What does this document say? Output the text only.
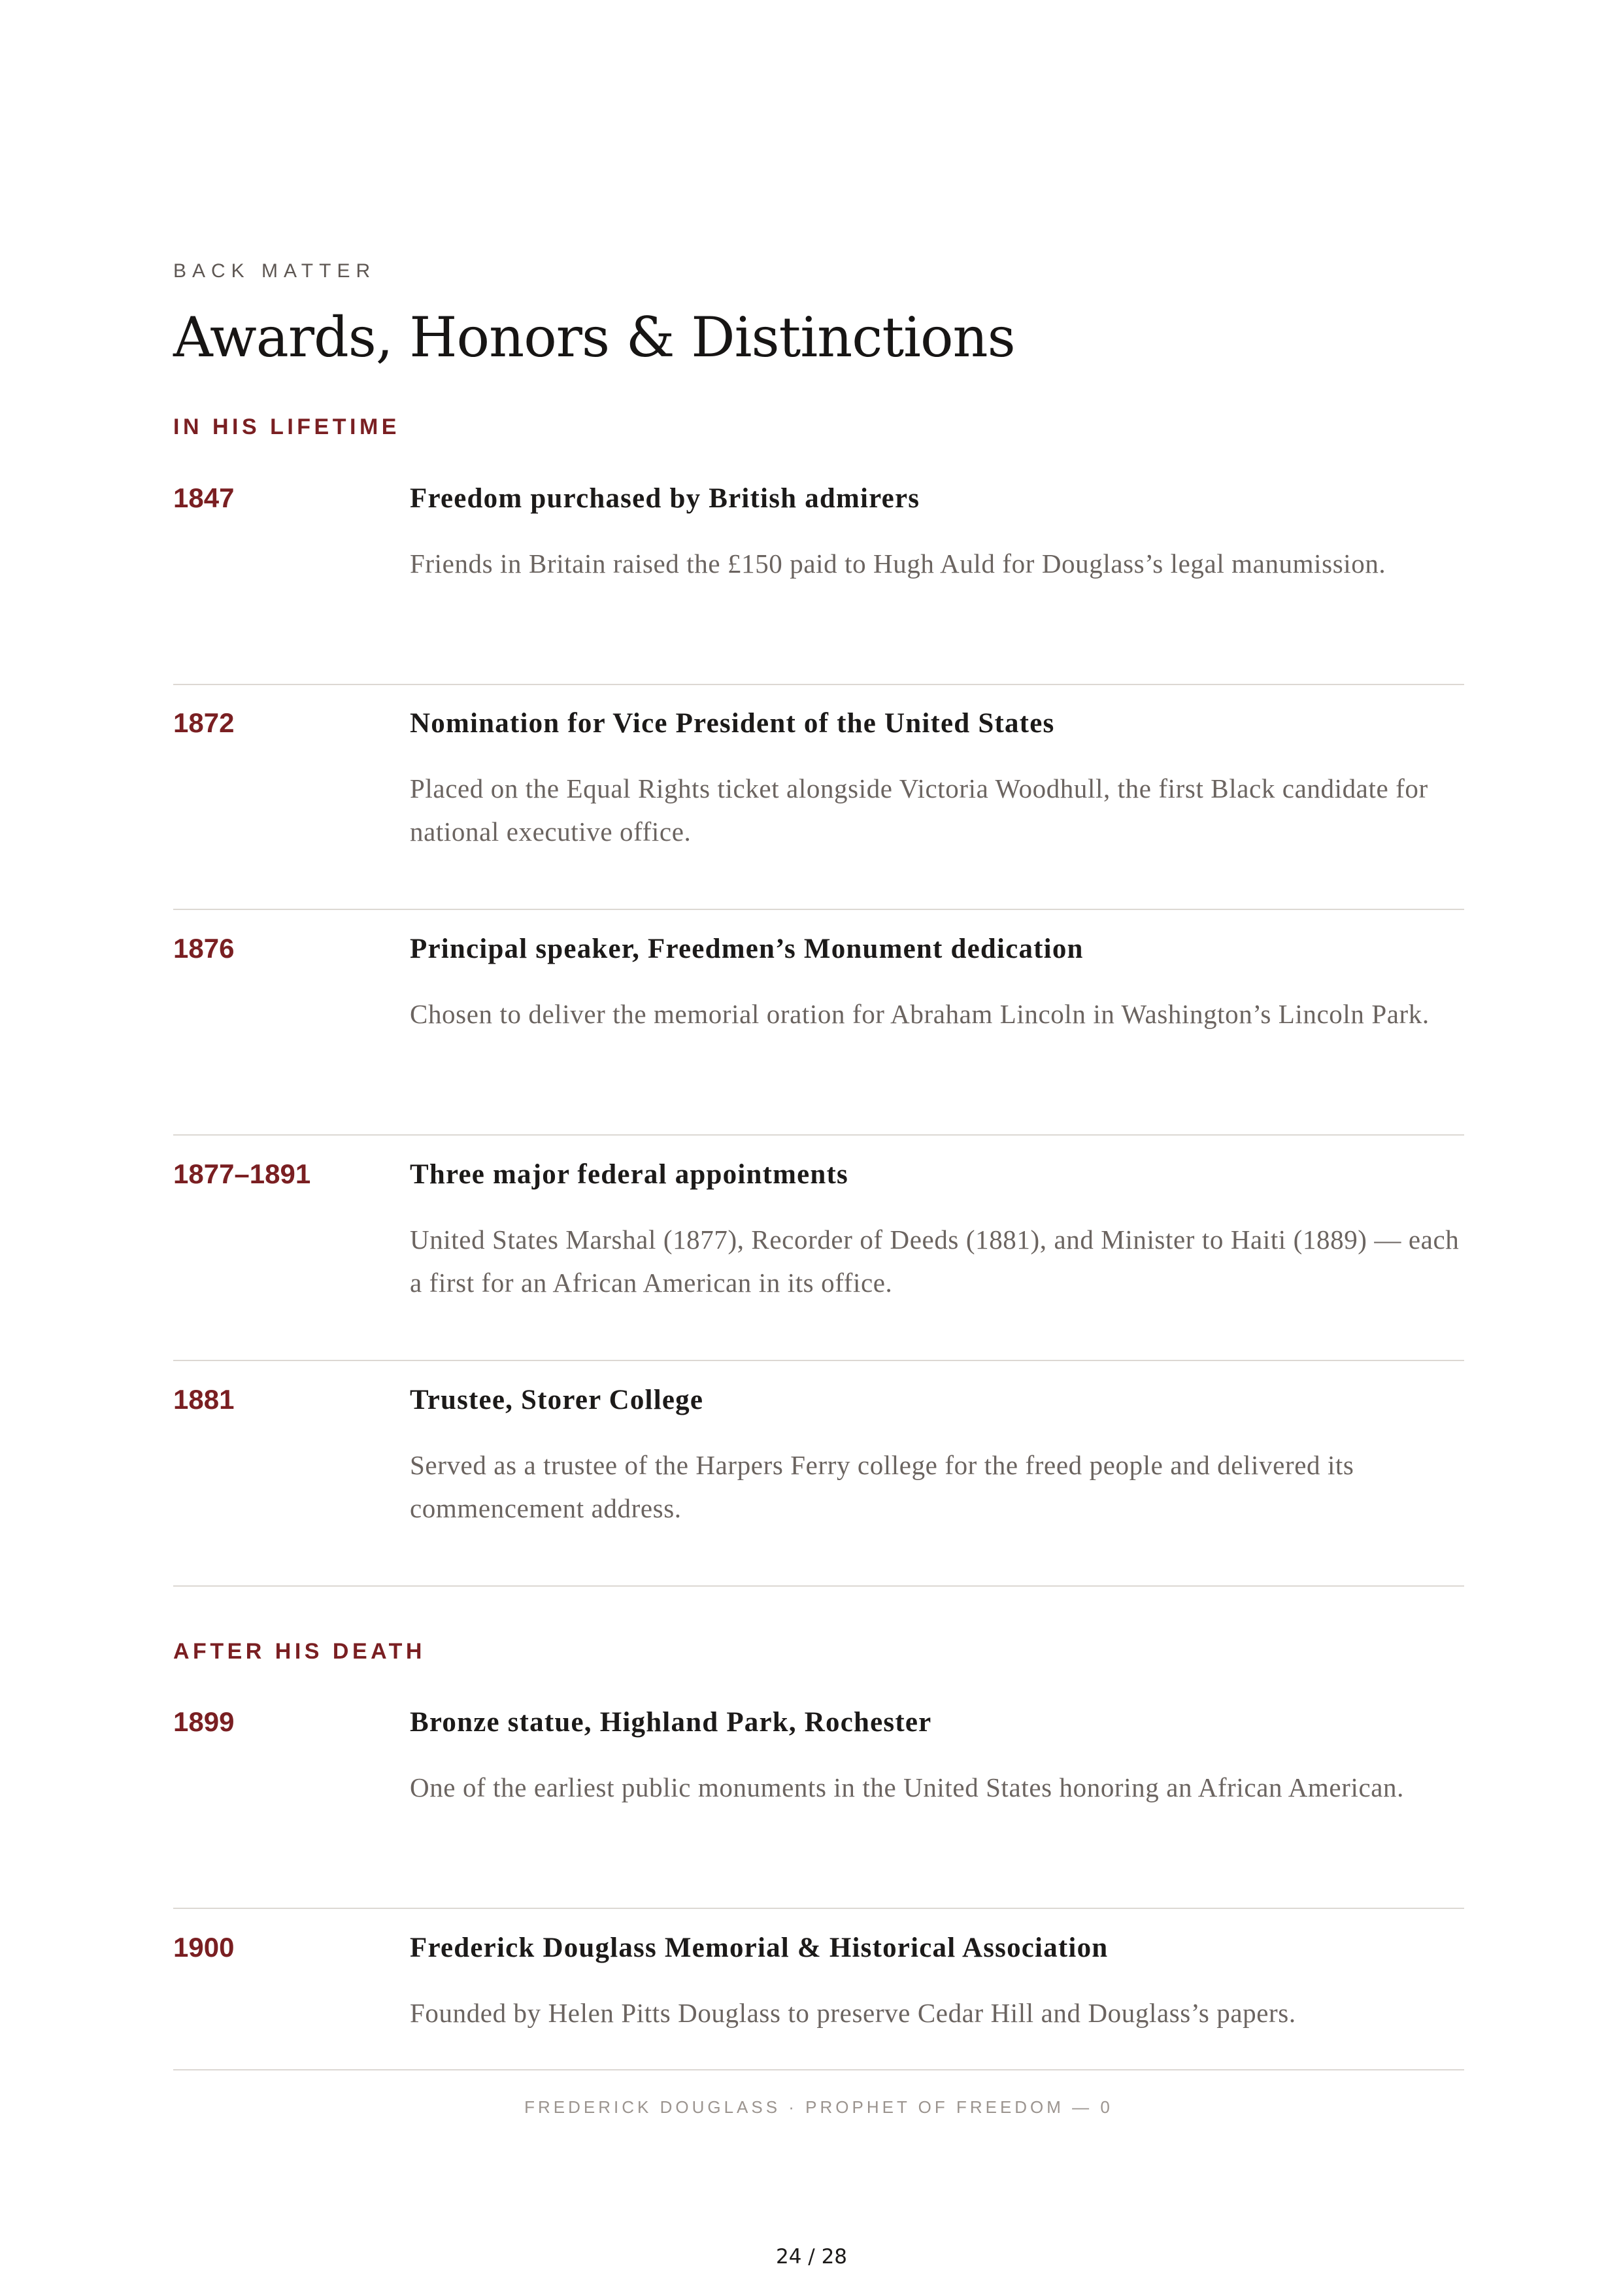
BACK MATTER
Awards, Honors & Distinctions
IN HIS LIFETIME
1847	Freedom purchased by British admirers
Friends in Britain raised the £150 paid to Hugh Auld for Douglass’s legal manumission.
1872	Nomination for Vice President of the United States
Placed on the Equal Rights ticket alongside Victoria Woodhull, the first Black candidate for national executive office.
1876	Principal speaker, Freedmen’s Monument dedication
Chosen to deliver the memorial oration for Abraham Lincoln in Washington’s Lincoln Park.
1877–1891	Three major federal appointments
United States Marshal (1877), Recorder of Deeds (1881), and Minister to Haiti (1889) — each a first for an African American in its office.
1881	Trustee, Storer College
Served as a trustee of the Harpers Ferry college for the freed people and delivered its commencement address.
AFTER HIS DEATH
1899	Bronze statue, Highland Park, Rochester
One of the earliest public monuments in the United States honoring an African American.
1900	Frederick Douglass Memorial & Historical Association
Founded by Helen Pitts Douglass to preserve Cedar Hill and Douglass’s papers.
FREDERICK DOUGLASS · PROPHET OF FREEDOM — 0
24 / 28
